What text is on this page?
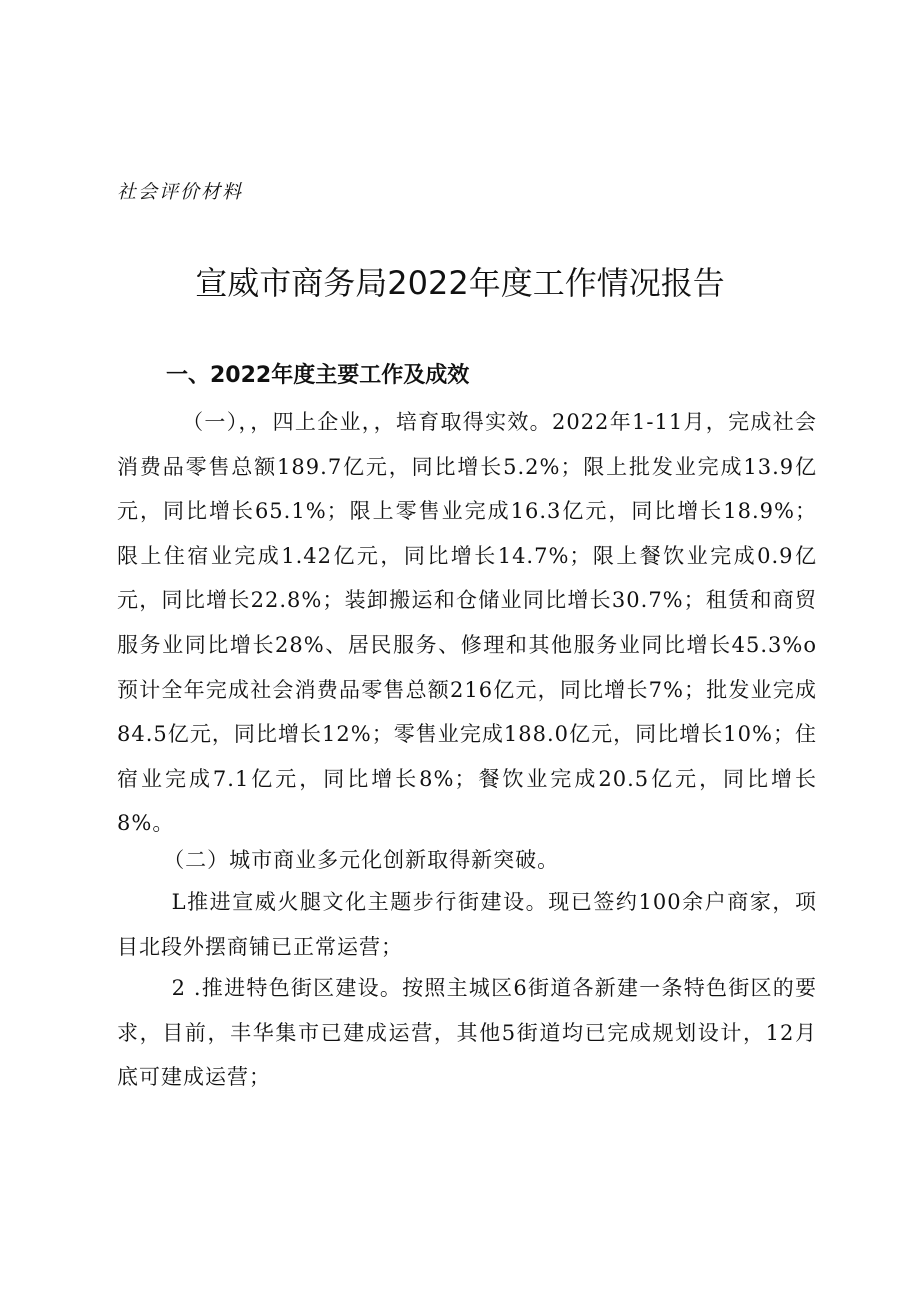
社会评价材料
宣威市商务局2022年度工作情况报告
一、2022年度主要工作及成效

（一），，四上企业，，培育取得实效。2022年1-11月，完成社会消费品零售总额189.7亿元，同比增长5.2%；限上批发业完成13.9亿元，同比增长65.1%；限上零售业完成16.3亿元，同比增长18.9%；限上住宿业完成1.42亿元，同比增长14.7%；限上餐饮业完成0.9亿元，同比增长22.8%；装卸搬运和仓储业同比增长30.7%；租赁和商贸服务业同比增长28%、居民服务、修理和其他服务业同比增长45.3%o预计全年完成社会消费品零售总额216亿元，同比增长7%；批发业完成84.5亿元，同比增长12%；零售业完成188.0亿元，同比增长10%；住宿业完成7.1亿元，同比增长8%；餐饮业完成20.5亿元，同比增长8%。

（二）城市商业多元化创新取得新突破。

L推进宣威火腿文化主题步行街建设。现已签约100余户商家，项目北段外摆商铺已正常运营；

2 .推进特色街区建设。按照主城区6街道各新建一条特色街区的要求，目前，丰华集市已建成运营，其他5街道均已完成规划设计，12月底可建成运营；
